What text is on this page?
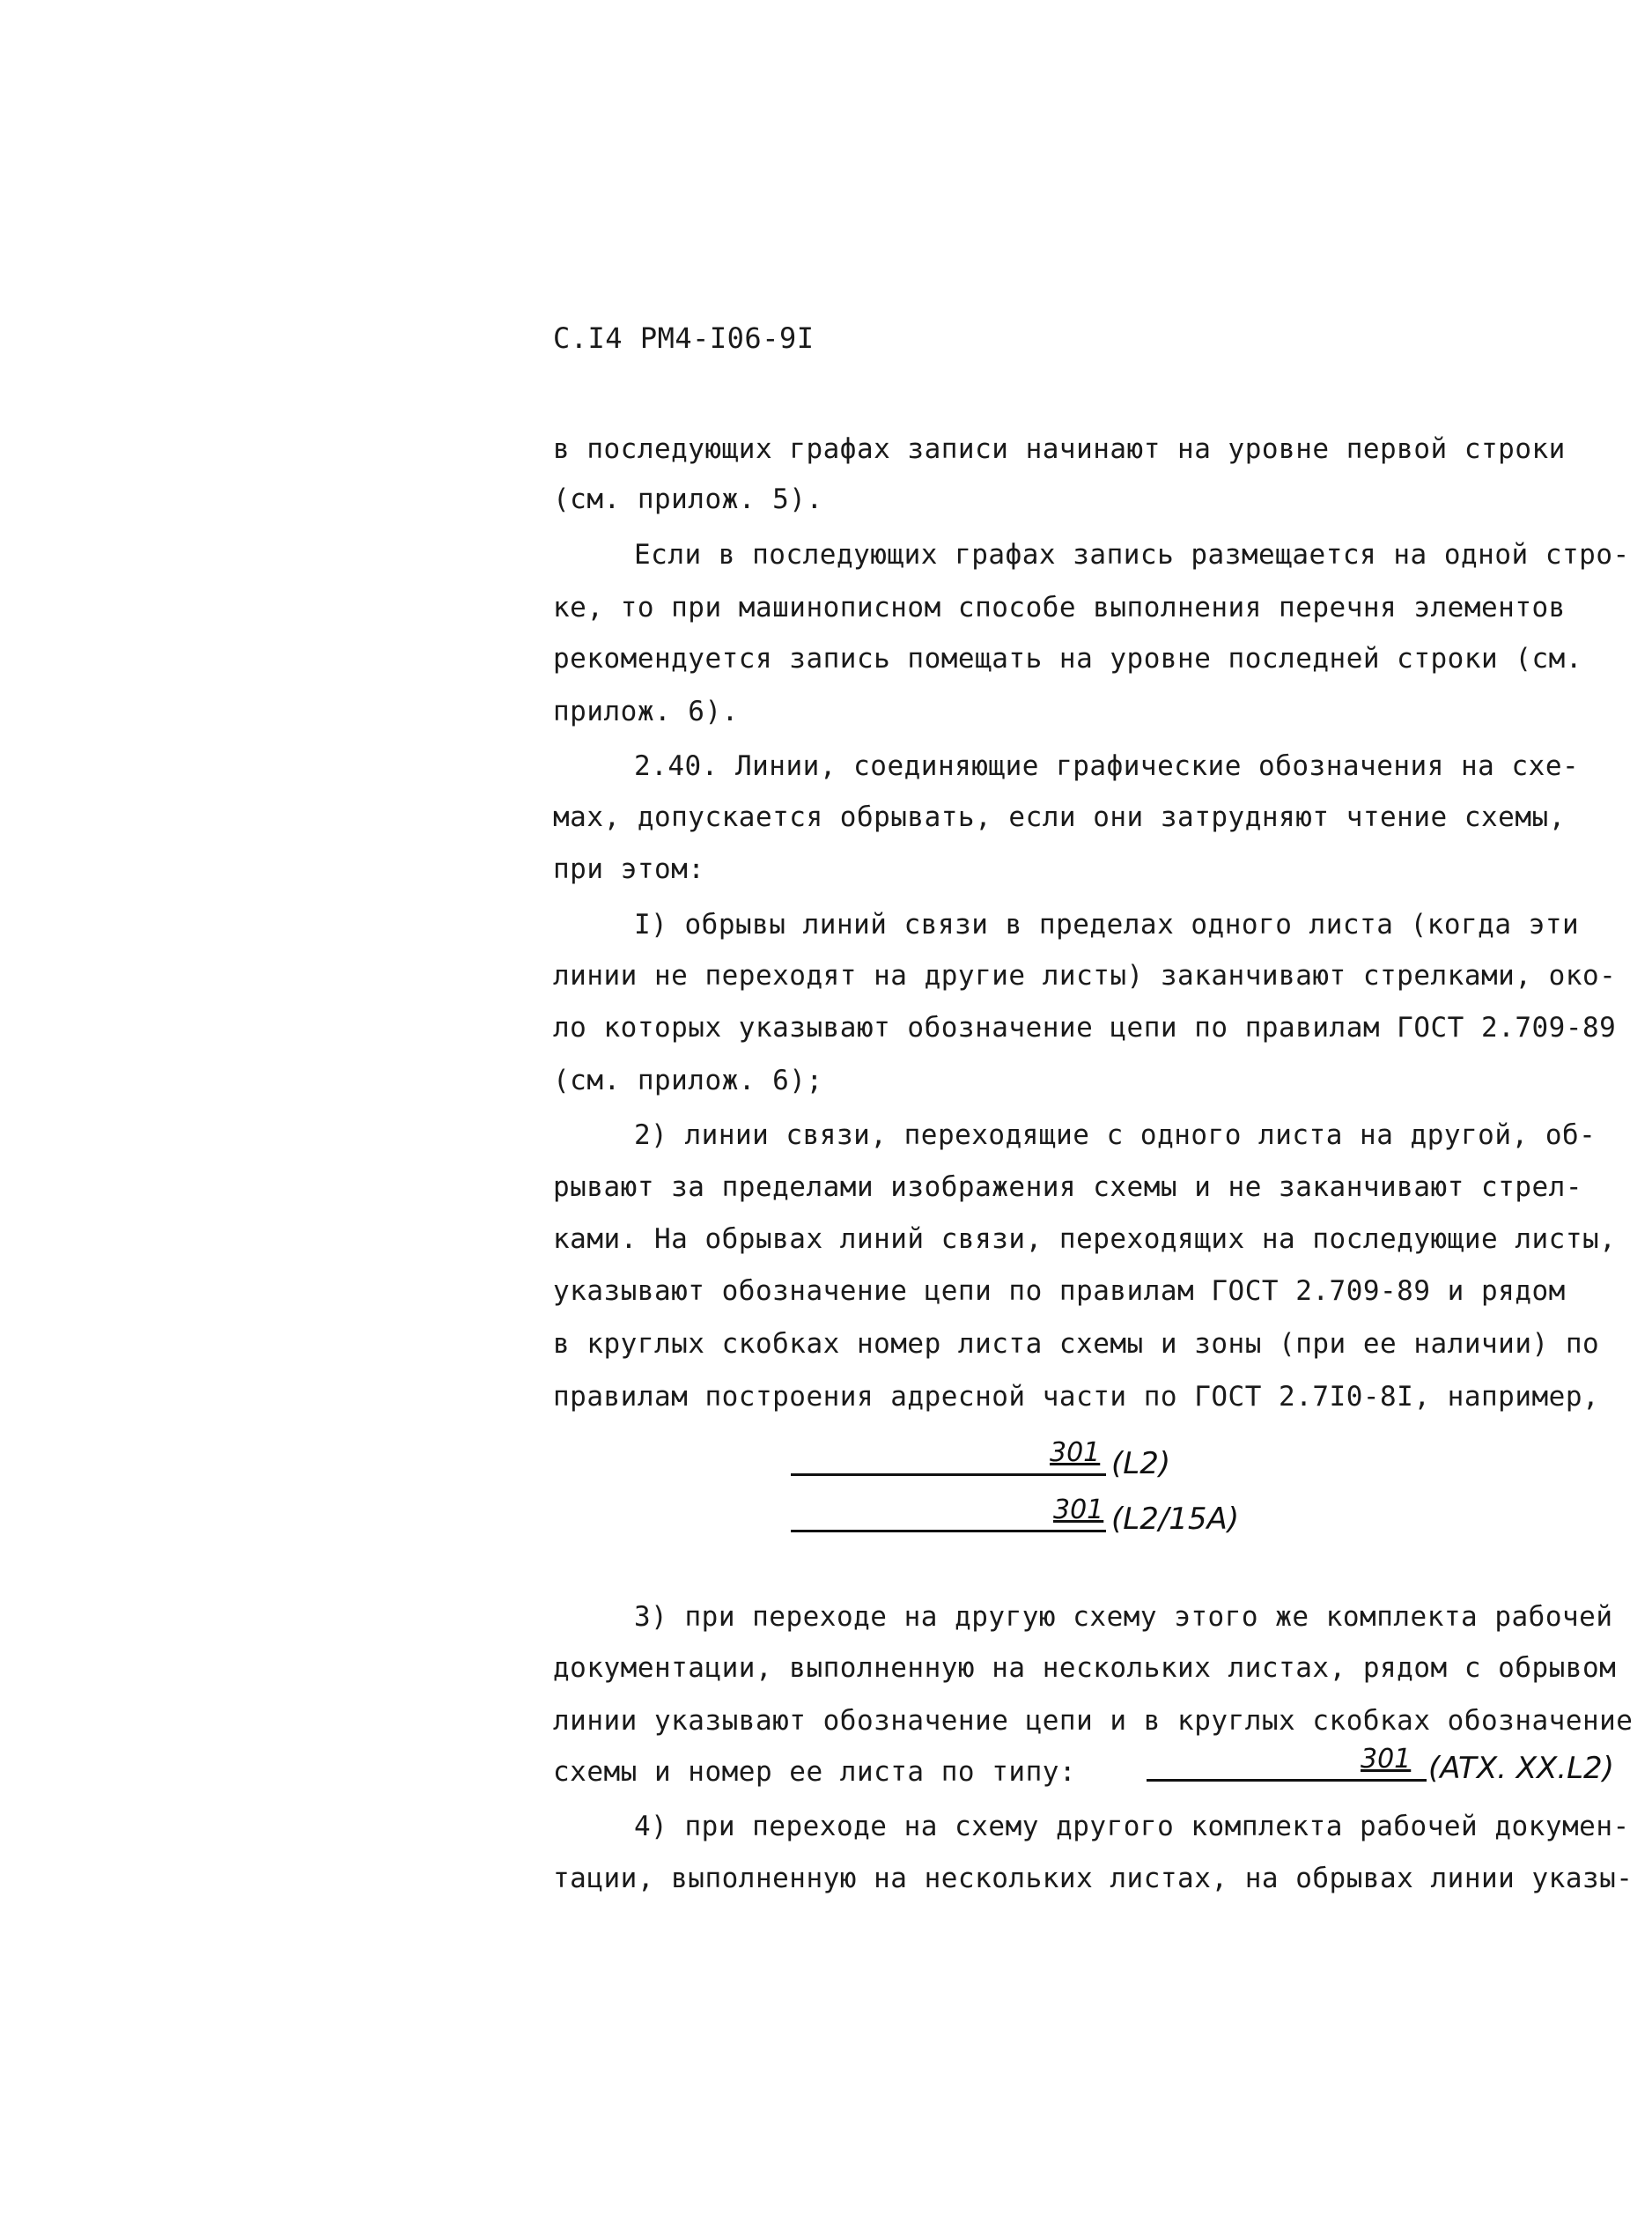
С.I4 РМ4-I06-9I
в последующих графах записи начинают на уровне первой строки
(см. прилож. 5).
Если в последующих графах запись размещается на одной стро-
ке, то при машинописном способе выполнения перечня элементов
рекомендуется запись помещать на уровне последней строки (см.
прилож. 6).
2.40. Линии, соединяющие графические обозначения на схе-
мах, допускается обрывать, если они затрудняют чтение схемы,
при этом:
I) обрывы линий связи в пределах одного листа (когда эти
линии не переходят на другие листы) заканчивают стрелками, око-
ло которых указывают обозначение цепи по правилам ГОСТ 2.709-89
(см. прилож. 6);
2) линии связи, переходящие с одного листа на другой, об-
рывают за пределами изображения схемы и не заканчивают стрел-
ками. На обрывах линий связи, переходящих на последующие листы,
указывают обозначение цепи по правилам ГОСТ 2.709-89 и рядом
в круглых скобках номер листа схемы и зоны (при ее наличии) по
правилам построения адресной части по ГОСТ 2.7I0-8I, например,
301 (L2)
301 (L2/15A)
3) при переходе на другую схему этого же комплекта рабочей
документации, выполненную на нескольких листах, рядом с обрывом
линии указывают обозначение цепи и в круглых скобках обозначение
схемы и номер ее листа по типу:	301 (ATX. XX.L2)
4) при переходе на схему другого комплекта рабочей докумен-
тации, выполненную на нескольких листах, на обрывах линии указы-
